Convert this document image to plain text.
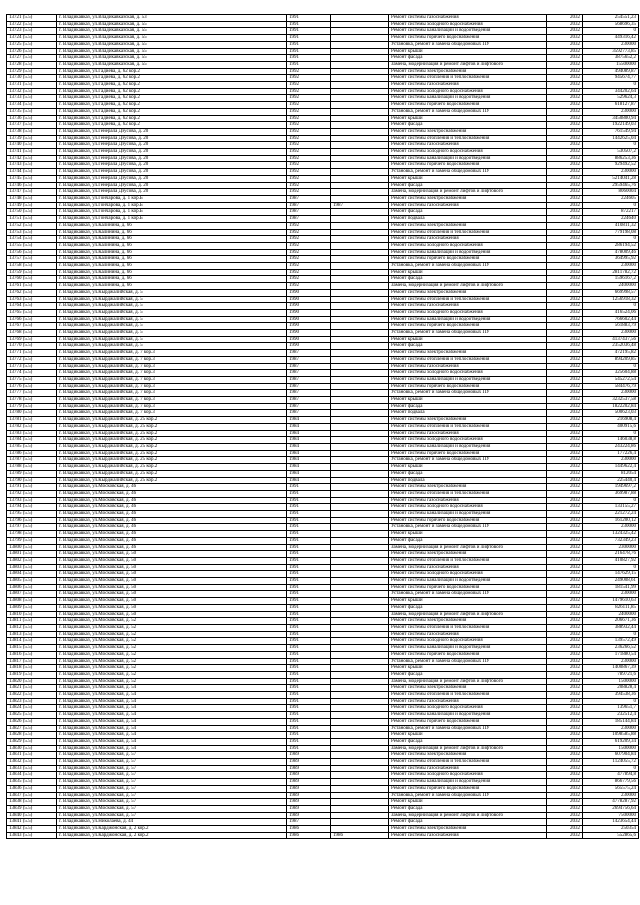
13721 (5.5)	г. Владикавказ, ул.Владикавказская, д. 53	1991		Ремонт системы газоснабжения	2032	254551,23
13722 (5.5)	г. Владикавказ, ул.Владикавказская, д. 55	1991		Ремонт системы холодного водоснабжения	2032	568696,35
13723 (5.5)	г. Владикавказ, ул.Владикавказская, д. 55	1991		Ремонт системы канализации и водоотведения	2032	0
13724 (5.5)	г. Владикавказ, ул.Владикавказская, д. 55	1991		Ремонт системы горячего водоснабжения	2032	449316,42
13725 (5.5)	г. Владикавказ, ул.Владикавказская, д. 55	1991		Установка, ремонт и замена общедомовых ПУ	2032	230000
13726 (5.5)	г. Владикавказ, ул.Владикавказская, д. 55	1991		Ремонт крыши	2032	3592773,85
13727 (5.5)	г. Владикавказ, ул.Владикавказская, д. 55	1991		Ремонт фасада	2032	3875652,2
13728 (5.5)	г. Владикавказ, ул.Владикавказская, д. 55	1991		Замена, модернизация и ремонт лифтов и лифтового	2032	15500000
13729 (5.5)	г. Владикавказ, ул.Гадиева, д. 62 кор.2	1992		Ремонт системы электроснабжения	2032	494089,87
13730 (5.5)	г. Владикавказ, ул.Гадиева, д. 62 кор.2	1992		Ремонт системы отопления и теплоснабжения	2032	945674,77
13731 (5.5)	г. Владикавказ, ул.Гадиева, д. 62 кор.2	1992		Ремонт системы газоснабжения	2032	0
13732 (5.5)	г. Владикавказ, ул.Гадиева, д. 62 кор.2	1992		Ремонт системы холодного водоснабжения	2032	344202,64
13733 (5.5)	г. Владикавказ, ул.Гадиева, д. 62 кор.2	1992		Ремонт системы канализации и водоотведения	2032	529624,3
13734 (5.5)	г. Владикавказ, ул.Гадиева, д. 62 кор.2	1992		Ремонт системы горячего водоснабжения	2032	618127,87
13735 (5.5)	г. Владикавказ, ул.Гадиева, д. 62 кор.2	1992		Установка, ремонт и замена общедомовых ПУ	2032	230000
13736 (5.5)	г. Владикавказ, ул.Гадиева, д. 62 кор.2	1992		Ремонт крыши	2032	3450800,94
13737 (5.5)	г. Владикавказ, ул.Гадиева, д. 62 кор.2	1992		Ремонт фасада	2032	1922149,03
13738 (5.5)	г. Владикавказ, ул.Генерала Дзусова, д. 20	1992		Ремонт системы электроснабжения	2032	761549,94
13739 (5.5)	г. Владикавказ, ул.Генерала Дзусова, д. 20	1992		Ремонт системы отопления и теплоснабжения	2032	1442625,04
13740 (5.5)	г. Владикавказ, ул.Генерала Дзусова, д. 20	1992		Ремонт системы газоснабжения	2032	0
13741 (5.5)	г. Владикавказ, ул.Генерала Дзусова, д. 20	1992		Ремонт системы холодного водоснабжения	2032	530507,2
13742 (5.5)	г. Владикавказ, ул.Генерала Дзусова, д. 20	1992		Ремонт системы канализации и водоотведения	2032	886253,36
13743 (5.5)	г. Владикавказ, ул.Генерала Дзусова, д. 20	1992		Ремонт системы горячего водоснабжения	2032	929492,52
13744 (5.5)	г. Владикавказ, ул.Генерала Дзусова, д. 20	1992		Установка, ремонт и замена общедомовых ПУ	2032	230000
13745 (5.5)	г. Владикавказ, ул.Генерала Дзусова, д. 20	1992		Ремонт крыши	2032	5214041,28
13746 (5.5)	г. Владикавказ, ул.Генерала Дзусова, д. 20	1992		Ремонт фасада	2032	2959465,76
13747 (5.5)	г. Владикавказ, ул.Генерала Дзусова, д. 20	1992		Замена, модернизация и ремонт лифтов и лифтового	2032	8060004
13748 (5.5)	г. Владикавказ, ул.Гончарова, д. 1 кор.Б	1987		Ремонт системы электроснабжения	2032	224605
13749 (5.5)	г. Владикавказ, ул.Гончарова, д. 1 кор.Б	1987	1987	Ремонт системы газоснабжения	2032	0
13750 (5.5)	г. Владикавказ, ул.Гончарова, д. 1 кор.Б	1987		Ремонт фасада	2032	872217
13751 (5.5)	г. Владикавказ, ул.Гончарова, д. 1 кор.Б	1987		Ремонт подвала	2032	224640
13752 (5.5)	г. Владикавказ, ул.Калинина, д. 66	1992		Ремонт системы электроснабжения	2032	410811,32
13753 (5.5)	г. Владикавказ, ул.Калинина, д. 66	1992		Ремонт системы отопления и теплоснабжения	2032	779198,08
13754 (5.5)	г. Владикавказ, ул.Калинина, д. 66	1992		Ремонт системы газоснабжения	2032	0
13755 (5.5)	г. Владикавказ, ул.Калинина, д. 66	1992		Ремонт системы холодного водоснабжения	2032	286194,52
13756 (5.5)	г. Владикавказ, ул.Калинина, д. 66	1992		Ремонт системы канализации и водоотведения	2032	478009,46
13757 (5.5)	г. Владикавказ, ул.Калинина, д. 66	1992		Ремонт системы горячего водоснабжения	2032	364995,92
13758 (5.5)	г. Владикавказ, ул.Калинина, д. 66	1992		Установка, ремонт и замена общедомовых ПУ	2032	230000
13759 (5.5)	г. Владикавказ, ул.Калинина, д. 66	1992		Ремонт крыши	2032	2811782,72
13760 (5.5)	г. Владикавказ, ул.Калинина, д. 66	1992		Ремонт фасада	2032	1596167,2
13761 (5.5)	г. Владикавказ, ул.Калинина, д. 66	1992		Замена, модернизация и ремонт лифтов и лифтового	2032	2400000
13762 (5.5)	г. Владикавказ, ул.Кырджалийская, д. 5	1990		Ремонт системы электроснабжения	2032	669998,57
13763 (5.5)	г. Владикавказ, ул.Кырджалийская, д. 5	1990		Ремонт системы отопления и теплоснабжения	2032	1256918,32
13764 (5.5)	г. Владикавказ, ул.Кырджалийская, д. 5	1990		Ремонт системы газоснабжения	2032	0
13765 (5.5)	г. Владикавказ, ул.Кырджалийская, д. 5	1990		Ремонт системы холодного водоснабжения	2032	416524,06
13766 (5.5)	г. Владикавказ, ул.Кырджалийская, д. 5	1990		Ремонт системы канализации и водоотведения	2032	766602,44
13767 (5.5)	г. Владикавказ, ул.Кырджалийская, д. 5	1990		Ремонт системы горячего водоснабжения	2032	561883,79
13768 (5.5)	г. Владикавказ, ул.Кырджалийская, д. 5	1990		Установка, ремонт и замена общедомовых ПУ	2032	230000
13769 (5.5)	г. Владикавказ, ул.Кырджалийская, д. 5	1990		Ремонт крыши	2032	4137437,56
13770 (5.5)	г. Владикавказ, ул.Кырджалийская, д. 5	1990		Ремонт фасада	2032	2352036,48
13771 (5.5)	г. Владикавказ, ул.Кырджалийская, д. 7 кор.3	1987		Ремонт системы электроснабжения	2032	472195,82
13772 (5.5)	г. Владикавказ, ул.Кырджалийская, д. 7 кор.3	1987		Ремонт системы отопления и теплоснабжения	2032	894209,85
13773 (5.5)	г. Владикавказ, ул.Кырджалийская, д. 7 кор.3	1987		Ремонт системы газоснабжения	2032	0
13774 (5.5)	г. Владикавказ, ул.Кырджалийская, д. 7 кор.3	1987		Ремонт системы холодного водоснабжения	2032	325604,88
13775 (5.5)	г. Владикавказ, ул.Кырджалийская, д. 7 кор.3	1987		Ремонт системы канализации и водоотведения	2032	545272,54
13776 (5.5)	г. Владикавказ, ул.Кырджалийская, д. 7 кор.3	1987		Ремонт системы горячего водоснабжения	2032	584476,79
13777 (5.5)	г. Владикавказ, ул.Кырджалийская, д. 7 кор.3	1987		Установка, ремонт и замена общедомовых ПУ	2032	230000
13778 (5.5)	г. Владикавказ, ул.Кырджалийская, д. 7 кор.3	1987		Ремонт крыши	2032	3232537,58
13779 (5.5)	г. Владикавказ, ул.Кырджалийская, д. 7 кор.3	1987		Ремонт фасада	2032	1822202,84
13780 (5.5)	г. Владикавказ, ул.Кырджалийская, д. 7 кор.3	1987		Ремонт подвала	2032	500623,03
13781 (5.5)	г. Владикавказ, ул.Кырджалийская, д. 25 кор.2	1984		Ремонт системы электроснабжения	2032	216908,4
13782 (5.5)	г. Владикавказ, ул.Кырджалийская, д. 25 кор.2	1984		Ремонт системы отопления и теплоснабжения	2032	400915,6
13783 (5.5)	г. Владикавказ, ул.Кырджалийская, д. 25 кор.2	1984		Ремонт системы газоснабжения	2032	0
13784 (5.5)	г. Владикавказ, ул.Кырджалийская, д. 25 кор.2	1984		Ремонт системы холодного водоснабжения	2032	146038,8
13785 (5.5)	г. Владикавказ, ул.Кырджалийская, д. 25 кор.2	1984		Ремонт системы канализации и водоотведения	2032	243224,86
13786 (5.5)	г. Владикавказ, ул.Кырджалийская, д. 25 кор.2	1984		Ремонт системы горячего водоснабжения	2032	177226,4
13787 (5.5)	г. Владикавказ, ул.Кырджалийская, д. 25 кор.2	1984		Установка, ремонт и замена общедомовых ПУ	2032	230000
13788 (5.5)	г. Владикавказ, ул.Кырджалийская, д. 25 кор.2	1984		Ремонт крыши	2032	1449622,4
13789 (5.5)	г. Владикавказ, ул.Кырджалийская, д. 25 кор.2	1984		Ремонт фасада	2032	812054
13790 (5.5)	г. Владикавказ, ул.Кырджалийская, д. 25 кор.2	1984		Ремонт подвала	2032	225440,4
13791 (5.5)	г. Владикавказ, ул.Московская, д. 46	1991		Ремонт системы электроснабжения	2032	1949697,2
13792 (5.5)	г. Владикавказ, ул.Московская, д. 46	1991		Ремонт системы отопления и теплоснабжения	2032	369987,88
13793 (5.5)	г. Владикавказ, ул.Московская, д. 46	1991		Ремонт системы газоснабжения	2032	0
13794 (5.5)	г. Владикавказ, ул.Московская, д. 46	1991		Ремонт системы холодного водоснабжения	2032	133155,27
13795 (5.5)	г. Владикавказ, ул.Московская, д. 46	1991		Ремонт системы канализации и водоотведения	2032	221272,24
13796 (5.5)	г. Владикавказ, ул.Московская, д. 46	1991		Ремонт системы горячего водоснабжения	2032	161200,12
13797 (5.5)	г. Владикавказ, ул.Московская, д. 46	1991		Установка, ремонт и замена общедомовых ПУ	2032	230000
13798 (5.5)	г. Владикавказ, ул.Московская, д. 46	1991		Ремонт крыши	2032	1324325,42
13799 (5.5)	г. Владикавказ, ул.Московская, д. 46	1991		Ремонт фасада	2032	732349,23
13800 (5.5)	г. Владикавказ, ул.Московская, д. 46	1991		Замена, модернизация и ремонт лифтов и лифтового	2032	2300000
13801 (5.5)	г. Владикавказ, ул.Московская, д. 50	1991		Ремонт системы электроснабжения	2032	216478,76
13802 (5.5)	г. Владикавказ, ул.Московская, д. 50	1991		Ремонт системы отопления и теплоснабжения	2032	410827,92
13803 (5.5)	г. Владикавказ, ул.Московская, д. 50	1991		Ремонт системы газоснабжения	2032	0
13804 (5.5)	г. Владикавказ, ул.Московская, д. 50	1991		Ремонт системы холодного водоснабжения	2032	147629,15
13805 (5.5)	г. Владикавказ, ул.Московская, д. 50	1991		Ремонт системы канализации и водоотведения	2032	249008,61
13806 (5.5)	г. Владикавказ, ул.Московская, д. 50	1991		Ремонт системы горячего водоснабжения	2032	181541,99
13807 (5.5)	г. Владикавказ, ул.Московская, д. 50	1991		Установка, ремонт и замена общедомовых ПУ	2032	230000
13808 (5.5)	г. Владикавказ, ул.Московская, д. 50	1991		Ремонт крыши	2032	1479610,63
13809 (5.5)	г. Владикавказ, ул.Московская, д. 50	1991		Ремонт фасада	2032	826111,85
13810 (5.5)	г. Владикавказ, ул.Московская, д. 50	1991		Замена, модернизация и ремонт лифтов и лифтового	2032	2400000
13811 (5.5)	г. Владикавказ, ул.Московская, д. 52	1991		Ремонт системы электроснабжения	2032	206671,36
13812 (5.5)	г. Владикавказ, ул.Московская, д. 52	1991		Ремонт системы отопления и теплоснабжения	2032	388932,44
13813 (5.5)	г. Владикавказ, ул.Московская, д. 52	1991		Ремонт системы газоснабжения	2032	0
13814 (5.5)	г. Владикавказ, ул.Московская, д. 52	1991		Ремонт системы холодного водоснабжения	2032	139572,49
13815 (5.5)	г. Владикавказ, ул.Московская, д. 52	1991		Ремонт системы канализации и водоотведения	2032	236266,52
13816 (5.5)	г. Владикавказ, ул.Московская, д. 52	1991		Ремонт системы горячего водоснабжения	2032	171880,54
13817 (5.5)	г. Владикавказ, ул.Московская, д. 52	1991		Установка, ремонт и замена общедомовых ПУ	2032	230000
13818 (5.5)	г. Владикавказ, ул.Московская, д. 52	1991		Ремонт крыши	2032	1400867,39
13819 (5.5)	г. Владикавказ, ул.Московская, д. 52	1991		Ремонт фасада	2032	789721,6
13820 (5.5)	г. Владикавказ, ул.Московская, д. 52	1991		Замена, модернизация и ремонт лифтов и лифтового	2032	1500000
13821 (5.5)	г. Владикавказ, ул.Московская, д. 54	1991		Ремонт системы электроснабжения	2032	208828,4
13822 (5.5)	г. Владикавказ, ул.Московская, д. 54	1991		Ремонт системы отопления и теплоснабжения	2032	394538,36
13823 (5.5)	г. Владикавказ, ул.Московская, д. 54	1991		Ремонт системы газоснабжения	2032	0
13824 (5.5)	г. Владикавказ, ул.Московская, д. 54	1991		Ремонт системы холодного водоснабжения	2032	139651,7
13825 (5.5)	г. Владикавказ, ул.Московская, д. 54	1991		Ремонт системы канализации и водоотведения	2032	232512,4
13826 (5.5)	г. Владикавказ, ул.Московская, д. 54	1991		Ремонт системы горячего водоснабжения	2032	185144,84
13827 (5.5)	г. Владикавказ, ул.Московская, д. 54	1991		Установка, ремонт и замена общедомовых ПУ	2032	230000
13828 (5.5)	г. Владикавказ, ул.Московская, д. 54	1991		Ремонт крыши	2032	1098585,88
13829 (5.5)	г. Владикавказ, ул.Московская, д. 54	1991		Ремонт фасада	2032	619209,34
13830 (5.5)	г. Владикавказ, ул.Московская, д. 54	1991		Замена, модернизация и ремонт лифтов и лифтового	2032	1500000
13831 (5.5)	г. Владикавказ, ул.Московская, д. 57	1989		Ремонт системы электроснабжения	2032	607904,84
13832 (5.5)	г. Владикавказ, ул.Московская, д. 57	1989		Ремонт системы отопления и теплоснабжения	2032	1124055,72
13833 (5.5)	г. Владикавказ, ул.Московская, д. 57	1989		Ремонт системы газоснабжения	2032	0
13834 (5.5)	г. Владикавказ, ул.Московская, д. 57	1989		Ремонт системы холодного водоснабжения	2032	477894,8
13835 (5.5)	г. Владикавказ, ул.Московская, д. 57	1989		Ремонт системы канализации и водоотведения	2032	866779,56
13836 (5.5)	г. Владикавказ, ул.Московская, д. 57	1989		Ремонт системы горячего водоснабжения	2032	565575,24
13837 (5.5)	г. Владикавказ, ул.Московская, д. 57	1989		Установка, ремонт и замена общедомовых ПУ	2032	230000
13838 (5.5)	г. Владикавказ, ул.Московская, д. 57	1989		Ремонт крыши	2032	4778287,92
13839 (5.5)	г. Владикавказ, ул.Московская, д. 57	1989		Ремонт фасада	2032	2694756,64
13840 (5.5)	г. Владикавказ, ул.Московская, д. 57	1989		Замена, модернизация и ремонт лифтов и лифтового	2032	7500000
13841 (5.5)	г. Владикавказ, ул.Николаева, д. 44	1987		Ремонт фасада	2032	1423654,44
13842 (5.5)	г. Владикавказ, ул.Карджонская, д. 2 кор.2	1986		Ремонт системы электроснабжения	2032	250354
13843 (5.5)	г. Владикавказ, ул.Карджонская, д. 2 кор.2	1986	1986	Ремонт системы газоснабжения	2032	552865,6
